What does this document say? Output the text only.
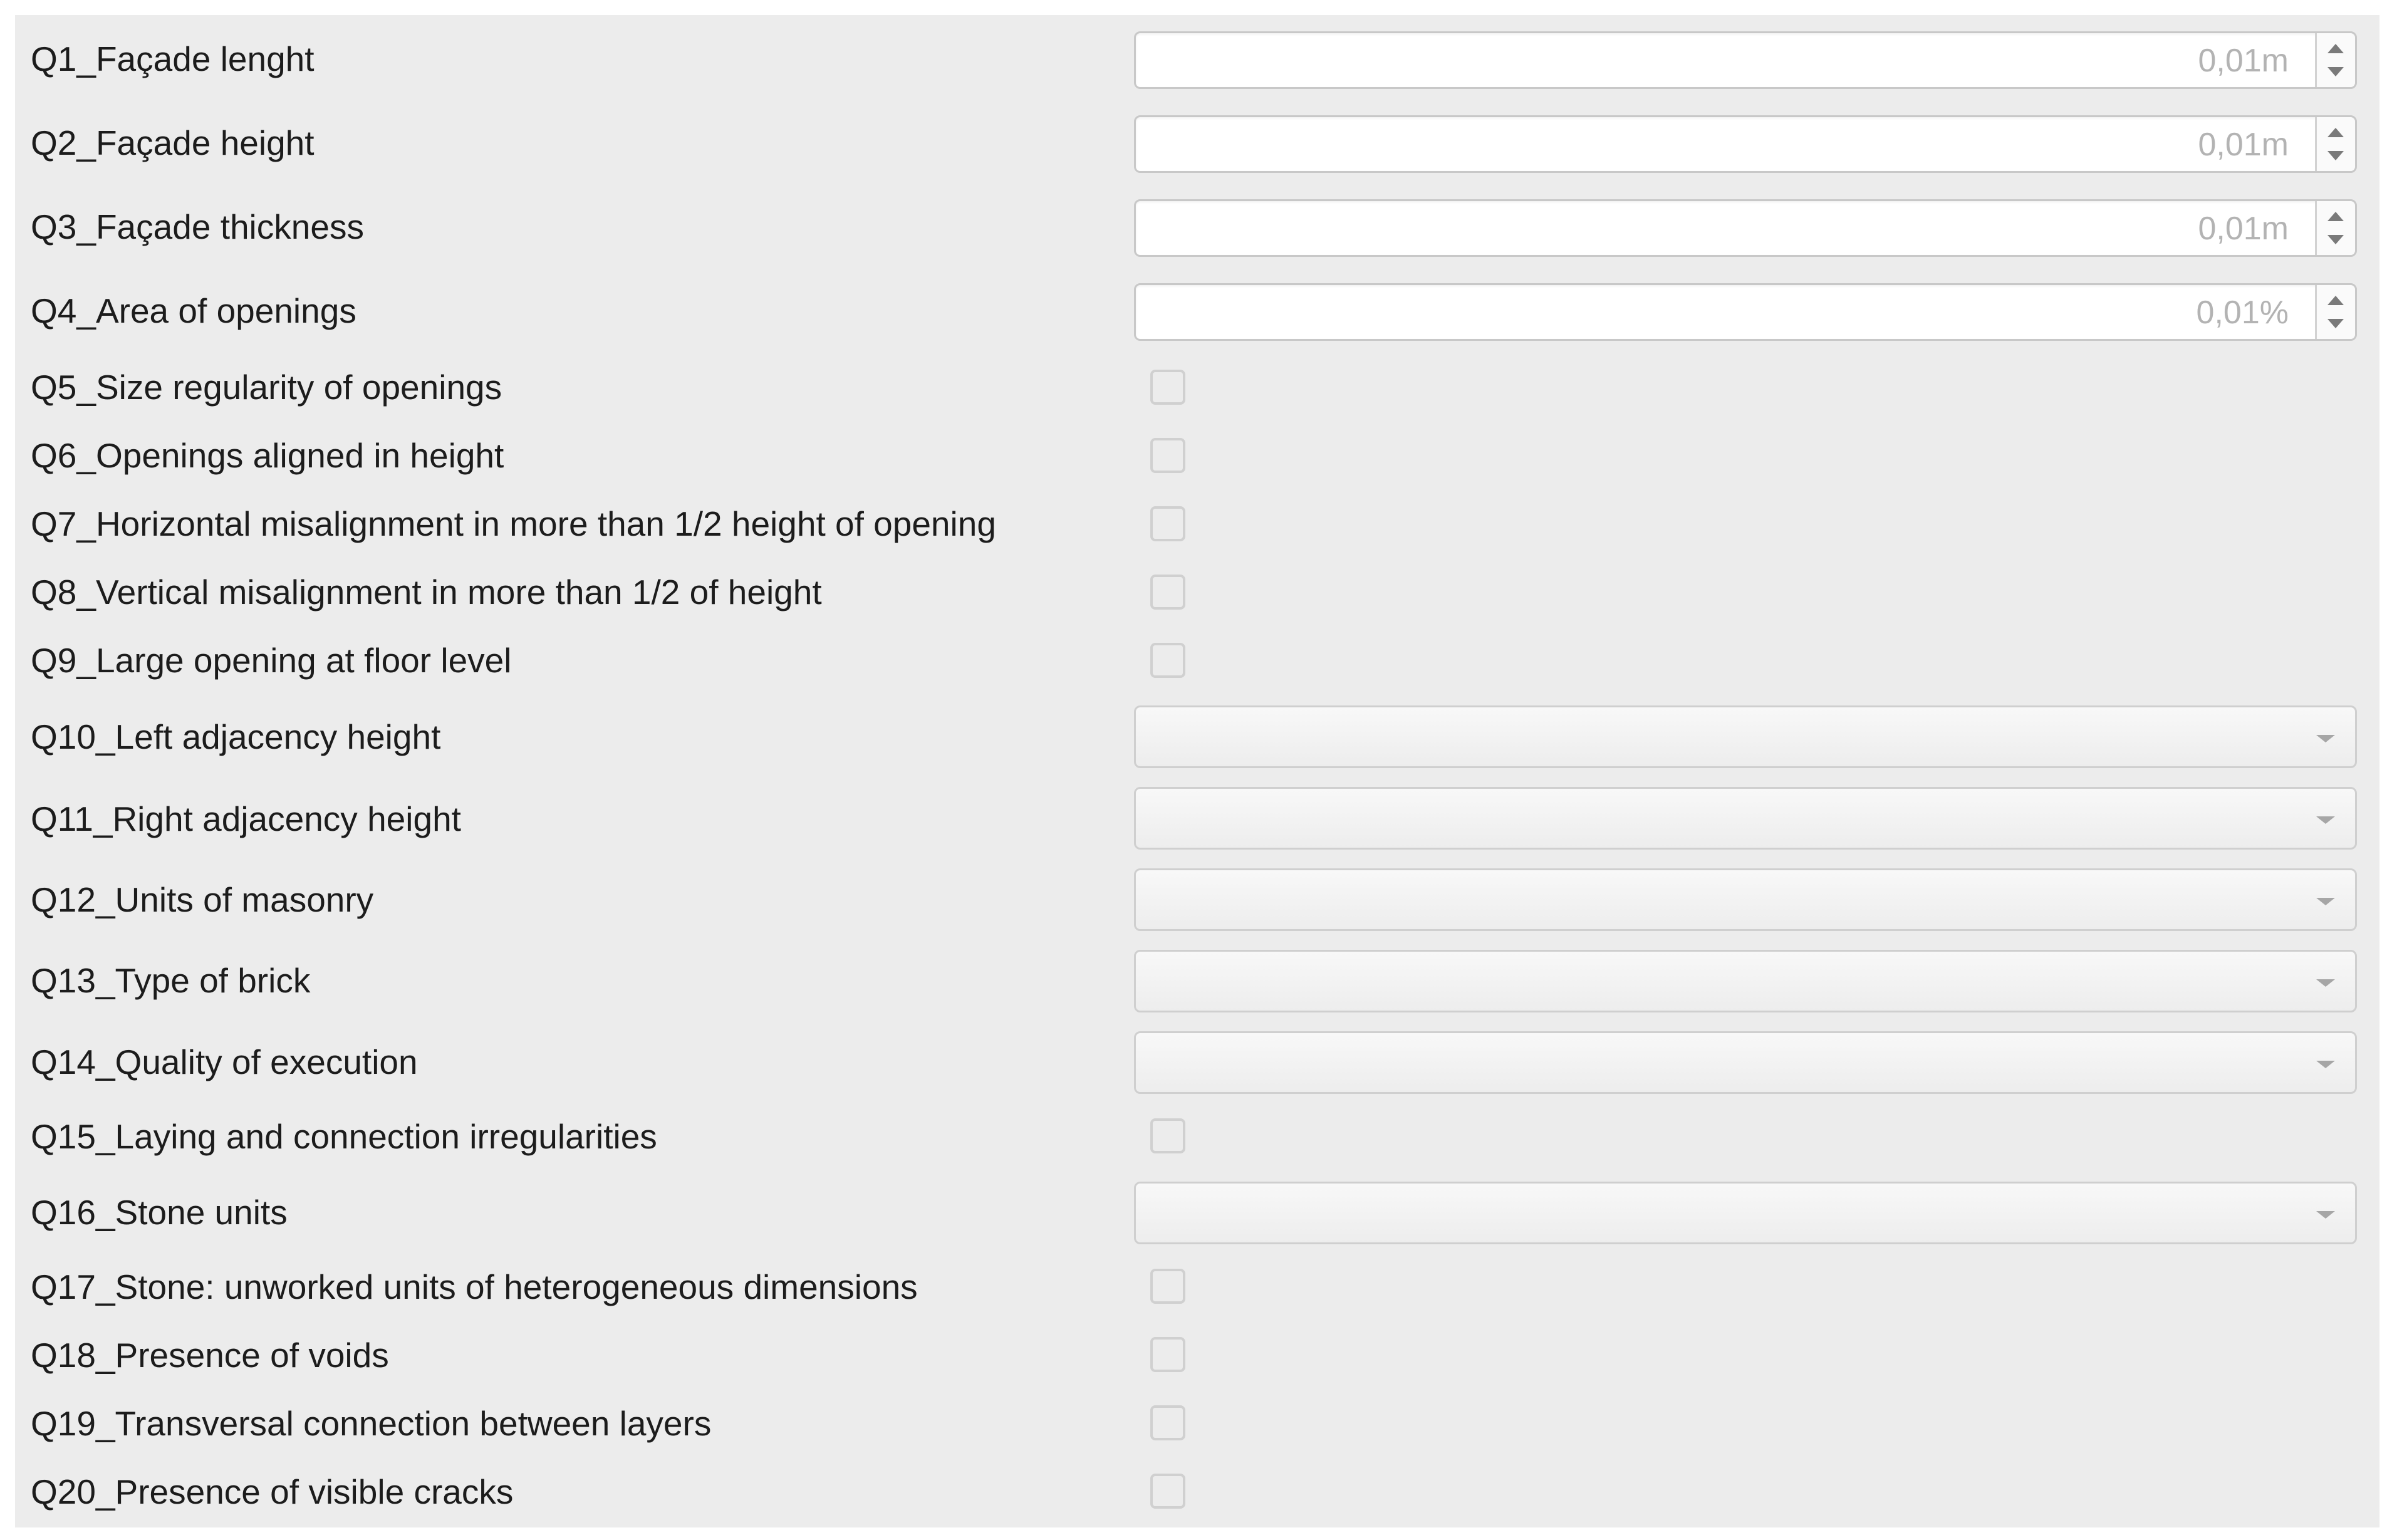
Q1_Façade lenght	0,01m
Q2_Façade height	0,01m
Q3_Façade thickness	0,01m
Q4_Area of openings	0,01%
Q5_Size regularity of openings
Q6_Openings aligned in height
Q7_Horizontal misalignment in more than 1/2 height of opening
Q8_Vertical misalignment in more than 1/2 of height
Q9_Large opening at floor level
Q10_Left adjacency height
Q11_Right adjacency height
Q12_Units of masonry
Q13_Type of brick
Q14_Quality of execution
Q15_Laying and connection irregularities
Q16_Stone units
Q17_Stone: unworked units of heterogeneous dimensions
Q18_Presence of voids
Q19_Transversal connection between layers
Q20_Presence of visible cracks
